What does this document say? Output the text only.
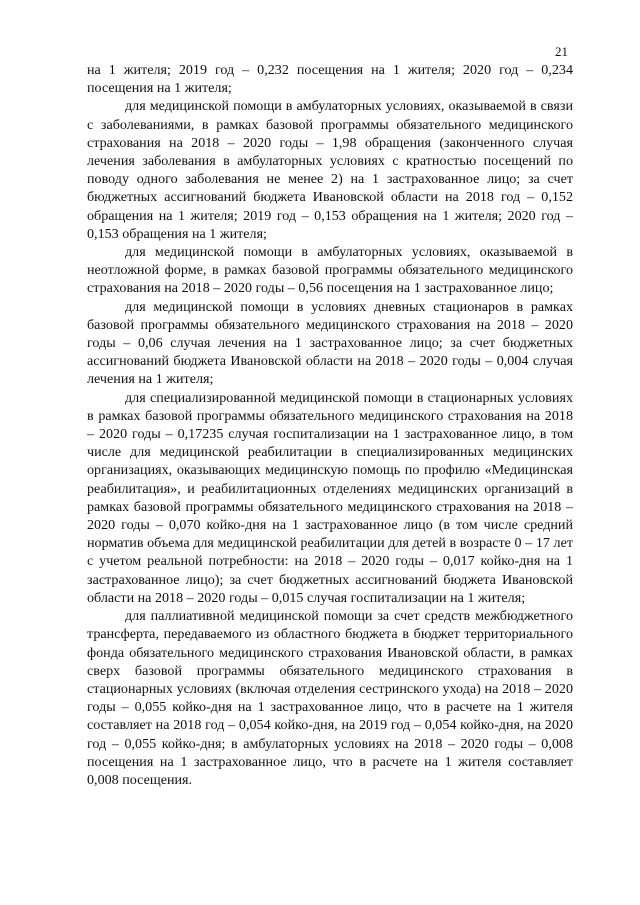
21

на 1 жителя; 2019 год – 0,232 посещения на 1 жителя; 2020 год – 0,234 посещения на 1 жителя;

для медицинской помощи в амбулаторных условиях, оказываемой в связи с заболеваниями, в рамках базовой программы обязательного медицинского страхования на 2018 – 2020 годы – 1,98 обращения (законченного случая лечения заболевания в амбулаторных условиях с кратностью посещений по поводу одного заболевания не менее 2) на 1 застрахованное лицо; за счет бюджетных ассигнований бюджета Ивановской области на 2018 год – 0,152 обращения на 1 жителя; 2019 год – 0,153 обращения на 1 жителя; 2020 год – 0,153 обращения на 1 жителя;

для медицинской помощи в амбулаторных условиях, оказываемой в неотложной форме, в рамках базовой программы обязательного медицинского страхования на 2018 – 2020 годы – 0,56 посещения на 1 застрахованное лицо;

для медицинской помощи в условиях дневных стационаров в рамках базовой программы обязательного медицинского страхования на 2018 – 2020 годы – 0,06 случая лечения на 1 застрахованное лицо; за счет бюджетных ассигнований бюджета Ивановской области на 2018 – 2020 годы – 0,004 случая лечения на 1 жителя;

для специализированной медицинской помощи в стационарных условиях в рамках базовой программы обязательного медицинского страхования на 2018 – 2020 годы – 0,17235 случая госпитализации на 1 застрахованное лицо, в том числе для медицинской реабилитации в специализированных медицинских организациях, оказывающих медицинскую помощь по профилю «Медицинская реабилитация», и реабилитационных отделениях медицинских организаций в рамках базовой программы обязательного медицинского страхования на 2018 – 2020 годы – 0,070 койко-дня на 1 застрахованное лицо (в том числе средний норматив объема для медицинской реабилитации для детей в возрасте 0 – 17 лет с учетом реальной потребности: на 2018 – 2020 годы – 0,017 койко-дня на 1 застрахованное лицо); за счет бюджетных ассигнований бюджета Ивановской области на 2018 – 2020 годы – 0,015 случая госпитализации на 1 жителя;

для паллиативной медицинской помощи за счет средств межбюджетного трансферта, передаваемого из областного бюджета в бюджет территориального фонда обязательного медицинского страхования Ивановской области, в рамках сверх базовой программы обязательного медицинского страхования в стационарных условиях (включая отделения сестринского ухода) на 2018 – 2020 годы – 0,055 койко-дня на 1 застрахованное лицо, что в расчете на 1 жителя составляет на 2018 год – 0,054 койко-дня, на 2019 год – 0,054 койко-дня, на 2020 год – 0,055 койко-дня; в амбулаторных условиях на 2018 – 2020 годы – 0,008 посещения на 1 застрахованное лицо, что в расчете на 1 жителя составляет 0,008 посещения.
